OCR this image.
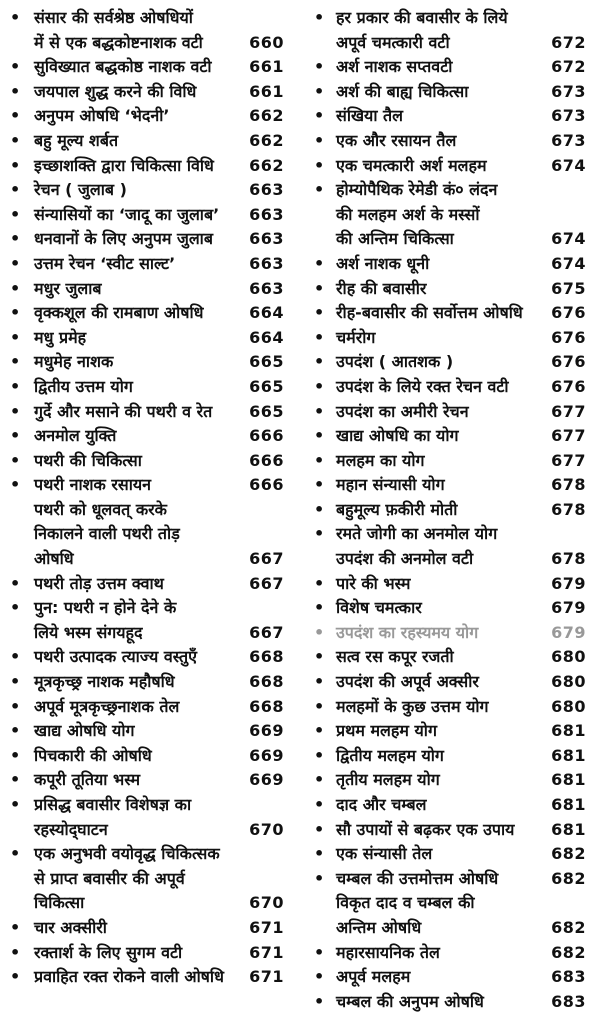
• संसार की सर्वश्रेष्ठ ओषधियों
में से एक बद्धकोष्टनाशक वटी	660
• सुविख्यात बद्धकोष्ठ नाशक वटी 661
• जयपाल शुद्ध करने की विधि	661
• अनुपम ओषधि ‘भेदनी’	662
• बहु मूल्य शर्बत	662
• इच्छाशक्ति द्वारा चिकित्सा विधि 662
• रेचन ( जुलाब )	663
• संन्यासियों का ‘जादू का जुलाब’ 663
• धनवानों के लिए अनुपम जुलाब 663
• उत्तम रेचन ‘स्वीट साल्ट’	663
• मधुर जुलाब	663
• वृक्कशूल की रामबाण ओषधि	664
• मधु प्रमेह	664
• मधुमेह नाशक	665
• द्वितीय उत्तम योग	665
• गुर्दे और मसाने की पथरी व रेत 665
• अनमोल युक्ति	666
• पथरी की चिकित्सा	666
• पथरी नाशक रसायन	666
पथरी को धूलवत् करके
निकालने वाली पथरी तोड़
ओषधि	667
• पथरी तोड़ उत्तम क्वाथ	667
• पुन: पथरी न होने देने के
लिये भस्म संगयहूद	667
• पथरी उत्पादक त्याज्य वस्तुएँ	668
• मूत्रकृच्छ्र नाशक महौषधि	668
• अपूर्व मूत्रकृच्छ्रनाशक तेल	668
• खाद्य ओषधि योग	669
• पिचकारी की ओषधि	669
• कपूरी तूतिया भस्म	669
• प्रसिद्ध बवासीर विशेषज्ञ का
रहस्योद्‌घाटन	670
• एक अनुभवी वयोवृद्ध चिकित्सक
से प्राप्त बवासीर की अपूर्व
चिकित्सा	670
• चार अक्सीरी	671
• रक्तार्श के लिए सुगम वटी	671
• प्रवाहित रक्त रोकने वाली ओषधि 671
• हर प्रकार की बवासीर के लिये
अपूर्व चमत्कारी वटी	672
• अर्श नाशक सप्तवटी	672
• अर्श की बाह्य चिकित्सा	673
• संखिया तैल	673
• एक और रसायन तैल	673
• एक चमत्कारी अर्श मलहम	674
• होम्योपैथिक रेमेडी कं० लंदन
की मलहम अर्श के मस्सों
की अन्तिम चिकित्सा	674
• अर्श नाशक धूनी	674
• रीह की बवासीर	675
• रीह-बवासीर की सर्वोत्तम ओषधि 676
• चर्मरोग	676
• उपदंश ( आतशक )	676
• उपदंश के लिये रक्त रेचन वटी	676
• उपदंश का अमीरी रेचन	677
• खाद्य ओषधि का योग	677
• मलहम का योग	677
• महान संन्यासी योग	678
• बहुमूल्य फ़कीरी मोती	678
• रमते जोगी का अनमोल योग
उपदंश की अनमोल वटी	678
• पारे की भस्म	679
• विशेष चमत्कार	679
• उपदंश का रहस्यमय योग	679
• सत्व रस कपूर रजती	680
• उपदंश की अपूर्व अक्सीर	680
• मलहमों के कुछ उत्तम योग	680
• प्रथम मलहम योग	681
• द्वितीय मलहम योग	681
• तृतीय मलहम योग	681
• दाद और चम्बल	681
• सौ उपायों से बढ़कर एक उपाय 681
• एक संन्यासी तेल	682
• चम्बल की उत्तमोत्तम ओषधि	682
विकृत दाद व चम्बल की
अन्तिम ओषधि	682
• महारसायनिक तेल	682
• अपूर्व मलहम	683
• चम्बल की अनुपम ओषधि	683
